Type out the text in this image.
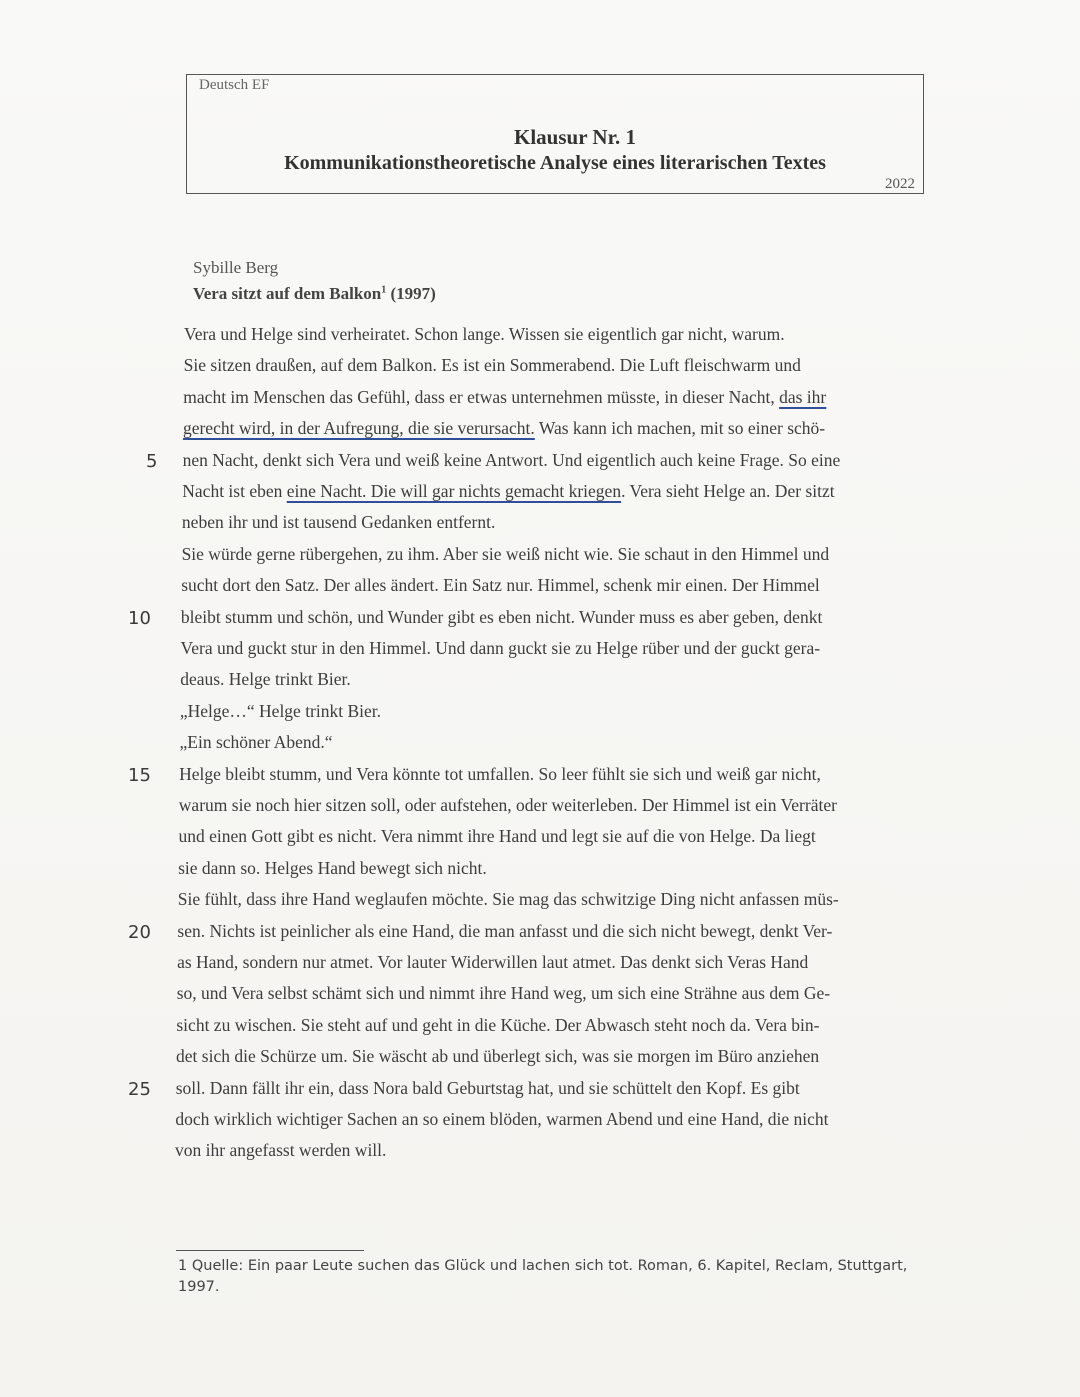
Deutsch EF
Klausur Nr. 1
Kommunikationstheoretische Analyse eines literarischen Textes
2022
Sybille Berg
Vera sitzt auf dem Balkon$^1$ (1997)
Vera und Helge sind verheiratet. Schon lange. Wissen sie eigentlich gar nicht, warum.
Sie sitzen draußen, auf dem Balkon. Es ist ein Sommerabend. Die Luft fleischwarm und
macht im Menschen das Gefühl, dass er etwas unternehmen müsste, in dieser Nacht, das ihr
gerecht wird, in der Aufregung, die sie verursacht. Was kann ich machen, mit so einer schö-
nen Nacht, denkt sich Vera und weiß keine Antwort. Und eigentlich auch keine Frage. So eine
5
Nacht ist eben eine Nacht. Die will gar nichts gemacht kriegen. Vera sieht Helge an. Der sitzt
neben ihr und ist tausend Gedanken entfernt.
Sie würde gerne rübergehen, zu ihm. Aber sie weiß nicht wie. Sie schaut in den Himmel und
sucht dort den Satz. Der alles ändert. Ein Satz nur. Himmel, schenk mir einen. Der Himmel
bleibt stumm und schön, und Wunder gibt es eben nicht. Wunder muss es aber geben, denkt
10
Vera und guckt stur in den Himmel. Und dann guckt sie zu Helge rüber und der guckt gera-
deaus. Helge trinkt Bier.
„Helge…“ Helge trinkt Bier.
„Ein schöner Abend.“
Helge bleibt stumm, und Vera könnte tot umfallen. So leer fühlt sie sich und weiß gar nicht,
15
warum sie noch hier sitzen soll, oder aufstehen, oder weiterleben. Der Himmel ist ein Verräter
und einen Gott gibt es nicht. Vera nimmt ihre Hand und legt sie auf die von Helge. Da liegt
sie dann so. Helges Hand bewegt sich nicht.
Sie fühlt, dass ihre Hand weglaufen möchte. Sie mag das schwitzige Ding nicht anfassen müs-
sen. Nichts ist peinlicher als eine Hand, die man anfasst und die sich nicht bewegt, denkt Ver-
20
as Hand, sondern nur atmet. Vor lauter Widerwillen laut atmet. Das denkt sich Veras Hand
so, und Vera selbst schämt sich und nimmt ihre Hand weg, um sich eine Strähne aus dem Ge-
sicht zu wischen. Sie steht auf und geht in die Küche. Der Abwasch steht noch da. Vera bin-
det sich die Schürze um. Sie wäscht ab und überlegt sich, was sie morgen im Büro anziehen
soll. Dann fällt ihr ein, dass Nora bald Geburtstag hat, und sie schüttelt den Kopf. Es gibt
25
doch wirklich wichtiger Sachen an so einem blöden, warmen Abend und eine Hand, die nicht
von ihr angefasst werden will.
1 Quelle: Ein paar Leute suchen das Glück und lachen sich tot. Roman, 6. Kapitel, Reclam, Stuttgart, 1997.
